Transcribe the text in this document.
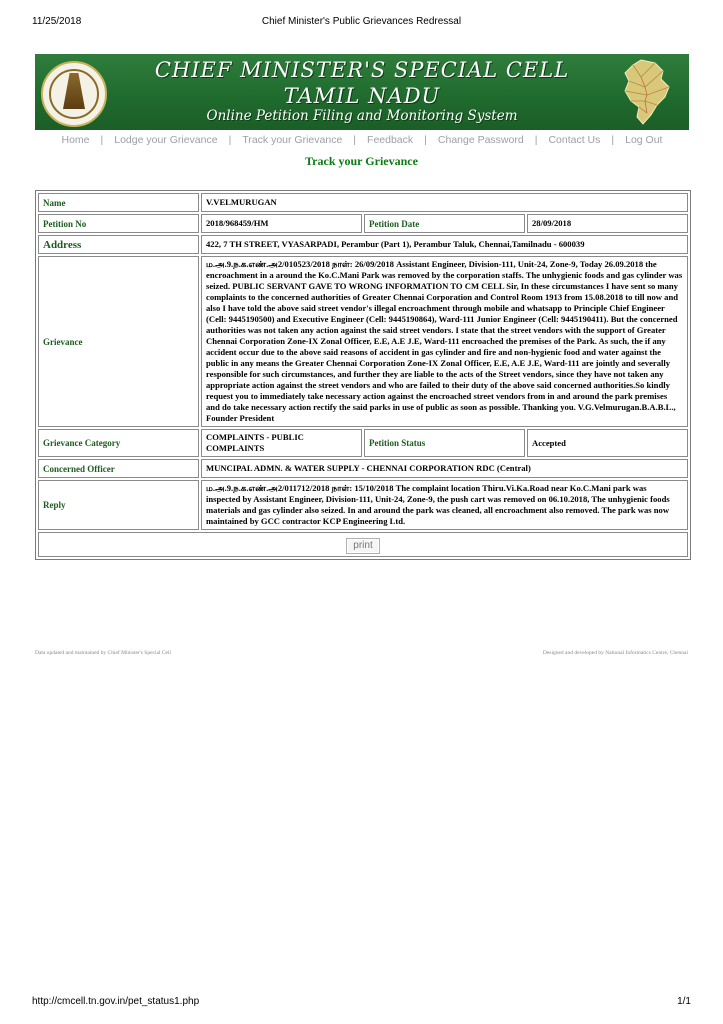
11/25/2018	Chief Minister's Public Grievances Redressal
CHIEF MINISTER'S SPECIAL CELL
TAMIL NADU
Online Petition Filing and Monitoring System
Home | Lodge your Grievance | Track your Grievance | Feedback | Change Password | Contact Us | Log Out
Track your Grievance
Name	V.VELMURUGAN		
Petition No	2018/968459/HM	Petition Date	28/09/2018
Address	422, 7 TH STREET, VYASARPADI, Perambur (Part 1), Perambur Taluk, Chennai,Tamilnadu - 600039		
Grievance	ம.அ.9.ந.க.எண்.அ2/010523/2018 நாள்: 26/09/2018 Assistant Engineer, Division-111, Unit-24, Zone-9, Today 26.09.2018 the encroachment in a around the Ko.C.Mani Park was removed by the corporation staffs. The unhygienic foods and gas cylinder was seized. PUBLIC SERVANT GAVE TO WRONG INFORMATION TO CM CELL Sir, In these circumstances I have sent so many complaints to the concerned authorities of Greater Chennai Corporation and Control Room 1913 from 15.08.2018 to till now and also I have told the above said street vendor's illegal encroachment through mobile and whatsapp to Principle Chief Engineer (Cell: 9445190500) and Executive Engineer (Cell: 9445190864), Ward-111 Junior Engineer (Cell: 9445190411). But the concerned authorities was not taken any action against the said street vendors. I state that the street vendors with the support of Greater Chennai Corporation Zone-IX Zonal Officer, E.E, A.E J.E, Ward-111 encroached the premises of the Park. As such, the if any accident occur due to the above said reasons of accident in gas cylinder and fire and non-hygienic food and water against the public in any means the Greater Chennai Corporation Zone-IX Zonal Officer, E.E, A.E J.E, Ward-111 are jointly and severally responsible for such circumstances, and further they are liable to the acts of the Street vendors, since they have not taken any appropriate action against the street vendors and who are failed to their duty of the above said concerned authorities.So kindly request you to immediately take necessary action against the encroached street vendors from in and around the park premises and do take necessary action rectify the said parks in use of public as soon as possible. Thanking you. V.G.Velmurugan.B.A.B.L., Founder President		
Grievance Category	COMPLAINTS - PUBLIC COMPLAINTS	Petition Status	Accepted
Concerned Officer	MUNCIPAL ADMN. & WATER SUPPLY - CHENNAI CORPORATION RDC (Central)		
Reply	ம.அ.9.ந.க.எண்.அ2/011712/2018 நாள்: 15/10/2018 The complaint location Thiru.Vi.Ka.Road near Ko.C.Mani park was inspected by Assistant Engineer, Division-111, Unit-24, Zone-9, the push cart was removed on 06.10.2018, The unhygienic foods materials and gas cylinder also seized. In and around the park was cleaned, all encroachment also removed. The park was now maintained by GCC contractor KCP Engineering Ltd.		
print			
Data updated and maintained by Chief Minister's Special Cell	Designed and developed by National Informatics Centre, Chennai
http://cmcell.tn.gov.in/pet_status1.php	1/1
